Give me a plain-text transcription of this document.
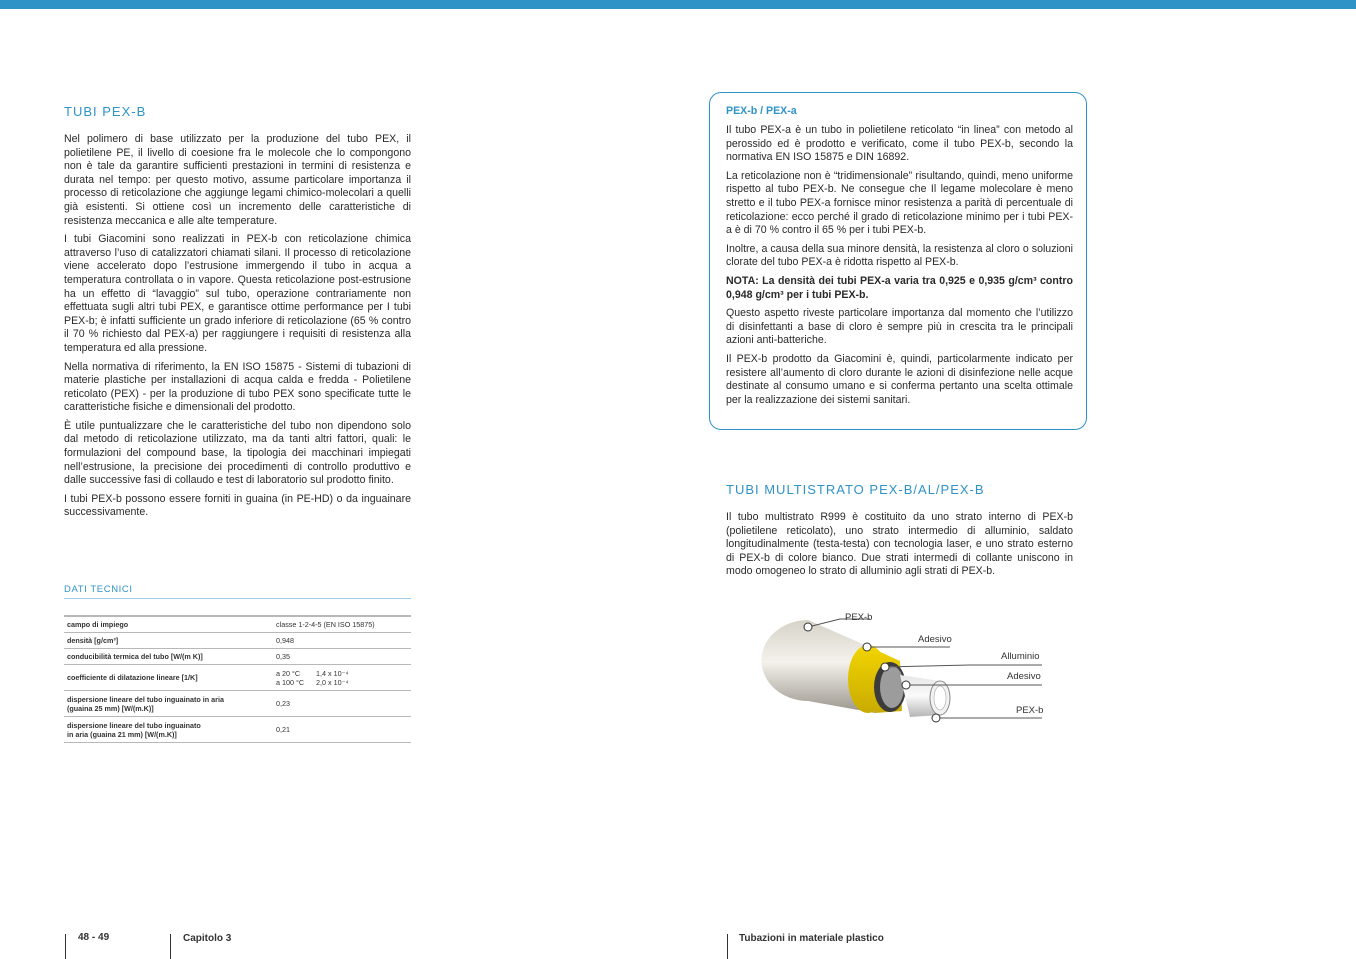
TUBI PEX-B

Nel polimero di base utilizzato per la produzione del tubo PEX, il polietilene PE, il livello di coesione fra le molecole che lo compongono non è tale da garantire sufficienti prestazioni in termini di resistenza e durata nel tempo: per questo motivo, assume particolare importanza il processo di reticolazione che aggiunge legami chimico-molecolari a quelli già esistenti. Si ottiene così un incremento delle caratteristiche di resistenza meccanica e alle alte temperature.

I tubi Giacomini sono realizzati in PEX-b con reticolazione chimica attraverso l’uso di catalizzatori chiamati silani. Il processo di reticolazione viene accelerato dopo l’estrusione immergendo il tubo in acqua a temperatura controllata o in vapore. Questa reticolazione post-estrusione ha un effetto di “lavaggio” sul tubo, operazione contrariamente non effettuata sugli altri tubi PEX, e garantisce ottime performance per I tubi PEX-b; è infatti sufficiente un grado inferiore di reticolazione (65 % contro il 70 % richiesto dal PEX-a) per raggiungere i requisiti di resistenza alla temperatura ed alla pressione.

Nella normativa di riferimento, la EN ISO 15875 - Sistemi di tubazioni di materie plastiche per installazioni di acqua calda e fredda - Polietilene reticolato (PEX) - per la produzione di tubo PEX sono specificate tutte le caratteristiche fisiche e dimensionali del prodotto.

È utile puntualizzare che le caratteristiche del tubo non dipendono solo dal metodo di reticolazione utilizzato, ma da tanti altri fattori, quali: le formulazioni del compound base, la tipologia dei macchinari impiegati nell’estrusione, la precisione dei procedimenti di controllo produttivo e dalle successive fasi di collaudo e test di laboratorio sul prodotto finito.

I tubi PEX-b possono essere forniti in guaina (in PE-HD) o da inguainare successivamente.

DATI TECNICI
campo di impiego	classe 1-2-4-5 (EN ISO 15875)
densità [g/cm³]	0,948
conducibilità termica del tubo [W/(m K)]	0,35
coefficiente di dilatazione lineare [1/K]	a 20 °C 1,4 x 10⁻⁴
a 100 °C 2,0 x 10⁻⁴

dispersione lineare del tubo inguainato in aria
(guaina 25 mm) [W/(m.K)]	0,23

dispersione lineare del tubo inguainato
in aria (guaina 21 mm) [W/(m.K)]	0,21
PEX-b / PEX-a

Il tubo PEX-a è un tubo in polietilene reticolato “in linea” con metodo al perossido ed è prodotto e verificato, come il tubo PEX-b, secondo la normativa EN ISO 15875 e DIN 16892.

La reticolazione non è “tridimensionale” risultando, quindi, meno uniforme rispetto al tubo PEX-b. Ne consegue che Il legame molecolare è meno stretto e il tubo PEX-a fornisce minor resistenza a parità di percentuale di reticolazione: ecco perché il grado di reticolazione minimo per i tubi PEX-a è di 70 % contro il 65 % per i tubi PEX-b.

Inoltre, a causa della sua minore densità, la resistenza al cloro o soluzioni clorate del tubo PEX-a è ridotta rispetto al PEX-b.

NOTA: La densità dei tubi PEX-a varia tra 0,925 e 0,935 g/cm³ contro 0,948 g/cm³ per i tubi PEX-b.

Questo aspetto riveste particolare importanza dal momento che l’utilizzo di disinfettanti a base di cloro è sempre più in crescita tra le principali azioni anti-batteriche.

Il PEX-b prodotto da Giacomini è, quindi, particolarmente indicato per resistere all’aumento di cloro durante le azioni di disinfezione nelle acque destinate al consumo umano e si conferma pertanto una scelta ottimale per la realizzazione dei sistemi sanitari.

TUBI MULTISTRATO PEX-B/AL/PEX-B

Il tubo multistrato R999 è costituito da uno strato interno di PEX-b (polietilene reticolato), uno strato intermedio di alluminio, saldato longitudinalmente (testa-testa) con tecnologia laser, e uno strato esterno di PEX-b di colore bianco. Due strati intermedi di collante uniscono in modo omogeneo lo strato di alluminio agli strati di PEX-b.

PEX-b
Adesivo
Alluminio
Adesivo
PEX-b
48 - 49	Capitolo 3	Tubazioni in materiale plastico
